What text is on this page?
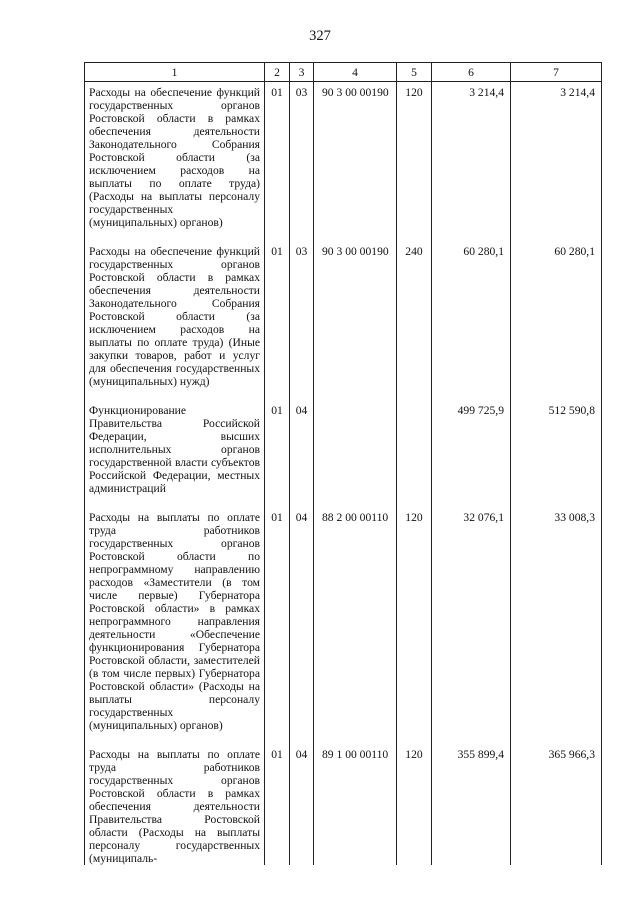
327
1	2	3	4	5	6	7
Расходы на обеспечение функций государственных органов Ростовской области в рамках обеспечения деятельности Законодательного Собрания Ростовской области (за исключением расходов на выплаты по оплате труда) (Расходы на выплаты персоналу государственных (муниципальных) органов)	01	03	90 3 00 00190	120	3 214,4	3 214,4

Расходы на обеспечение функций государственных органов Ростовской области в рамках обеспечения деятельности Законодательного Собрания Ростовской области (за исключением расходов на выплаты по оплате труда) (Иные закупки товаров, работ и услуг для обеспечения государственных (муниципальных) нужд)	01	03	90 3 00 00190	240	60 280,1	60 280,1

Функционирование Правительства Российской Федерации, высших исполнительных органов государственной власти субъектов Российской Федерации, местных администраций	01	04			499 725,9	512 590,8

Расходы на выплаты по оплате труда работников государственных органов Ростовской области по непрограммному направлению расходов «Заместители (в том числе первые) Губернатора Ростовской области» в рамках непрограммного направления деятельности «Обеспечение функционирования Губернатора Ростовской области, заместителей (в том числе первых) Губернатора Ростовской области» (Расходы на выплаты персоналу государственных (муниципальных) органов)	01	04	88 2 00 00110	120	32 076,1	33 008,3

Расходы на выплаты по оплате труда работников государственных органов Ростовской области в рамках обеспечения деятельности Правительства Ростовской области (Расходы на выплаты персоналу государственных (муниципаль-	01	04	89 1 00 00110	120	355 899,4	365 966,3
